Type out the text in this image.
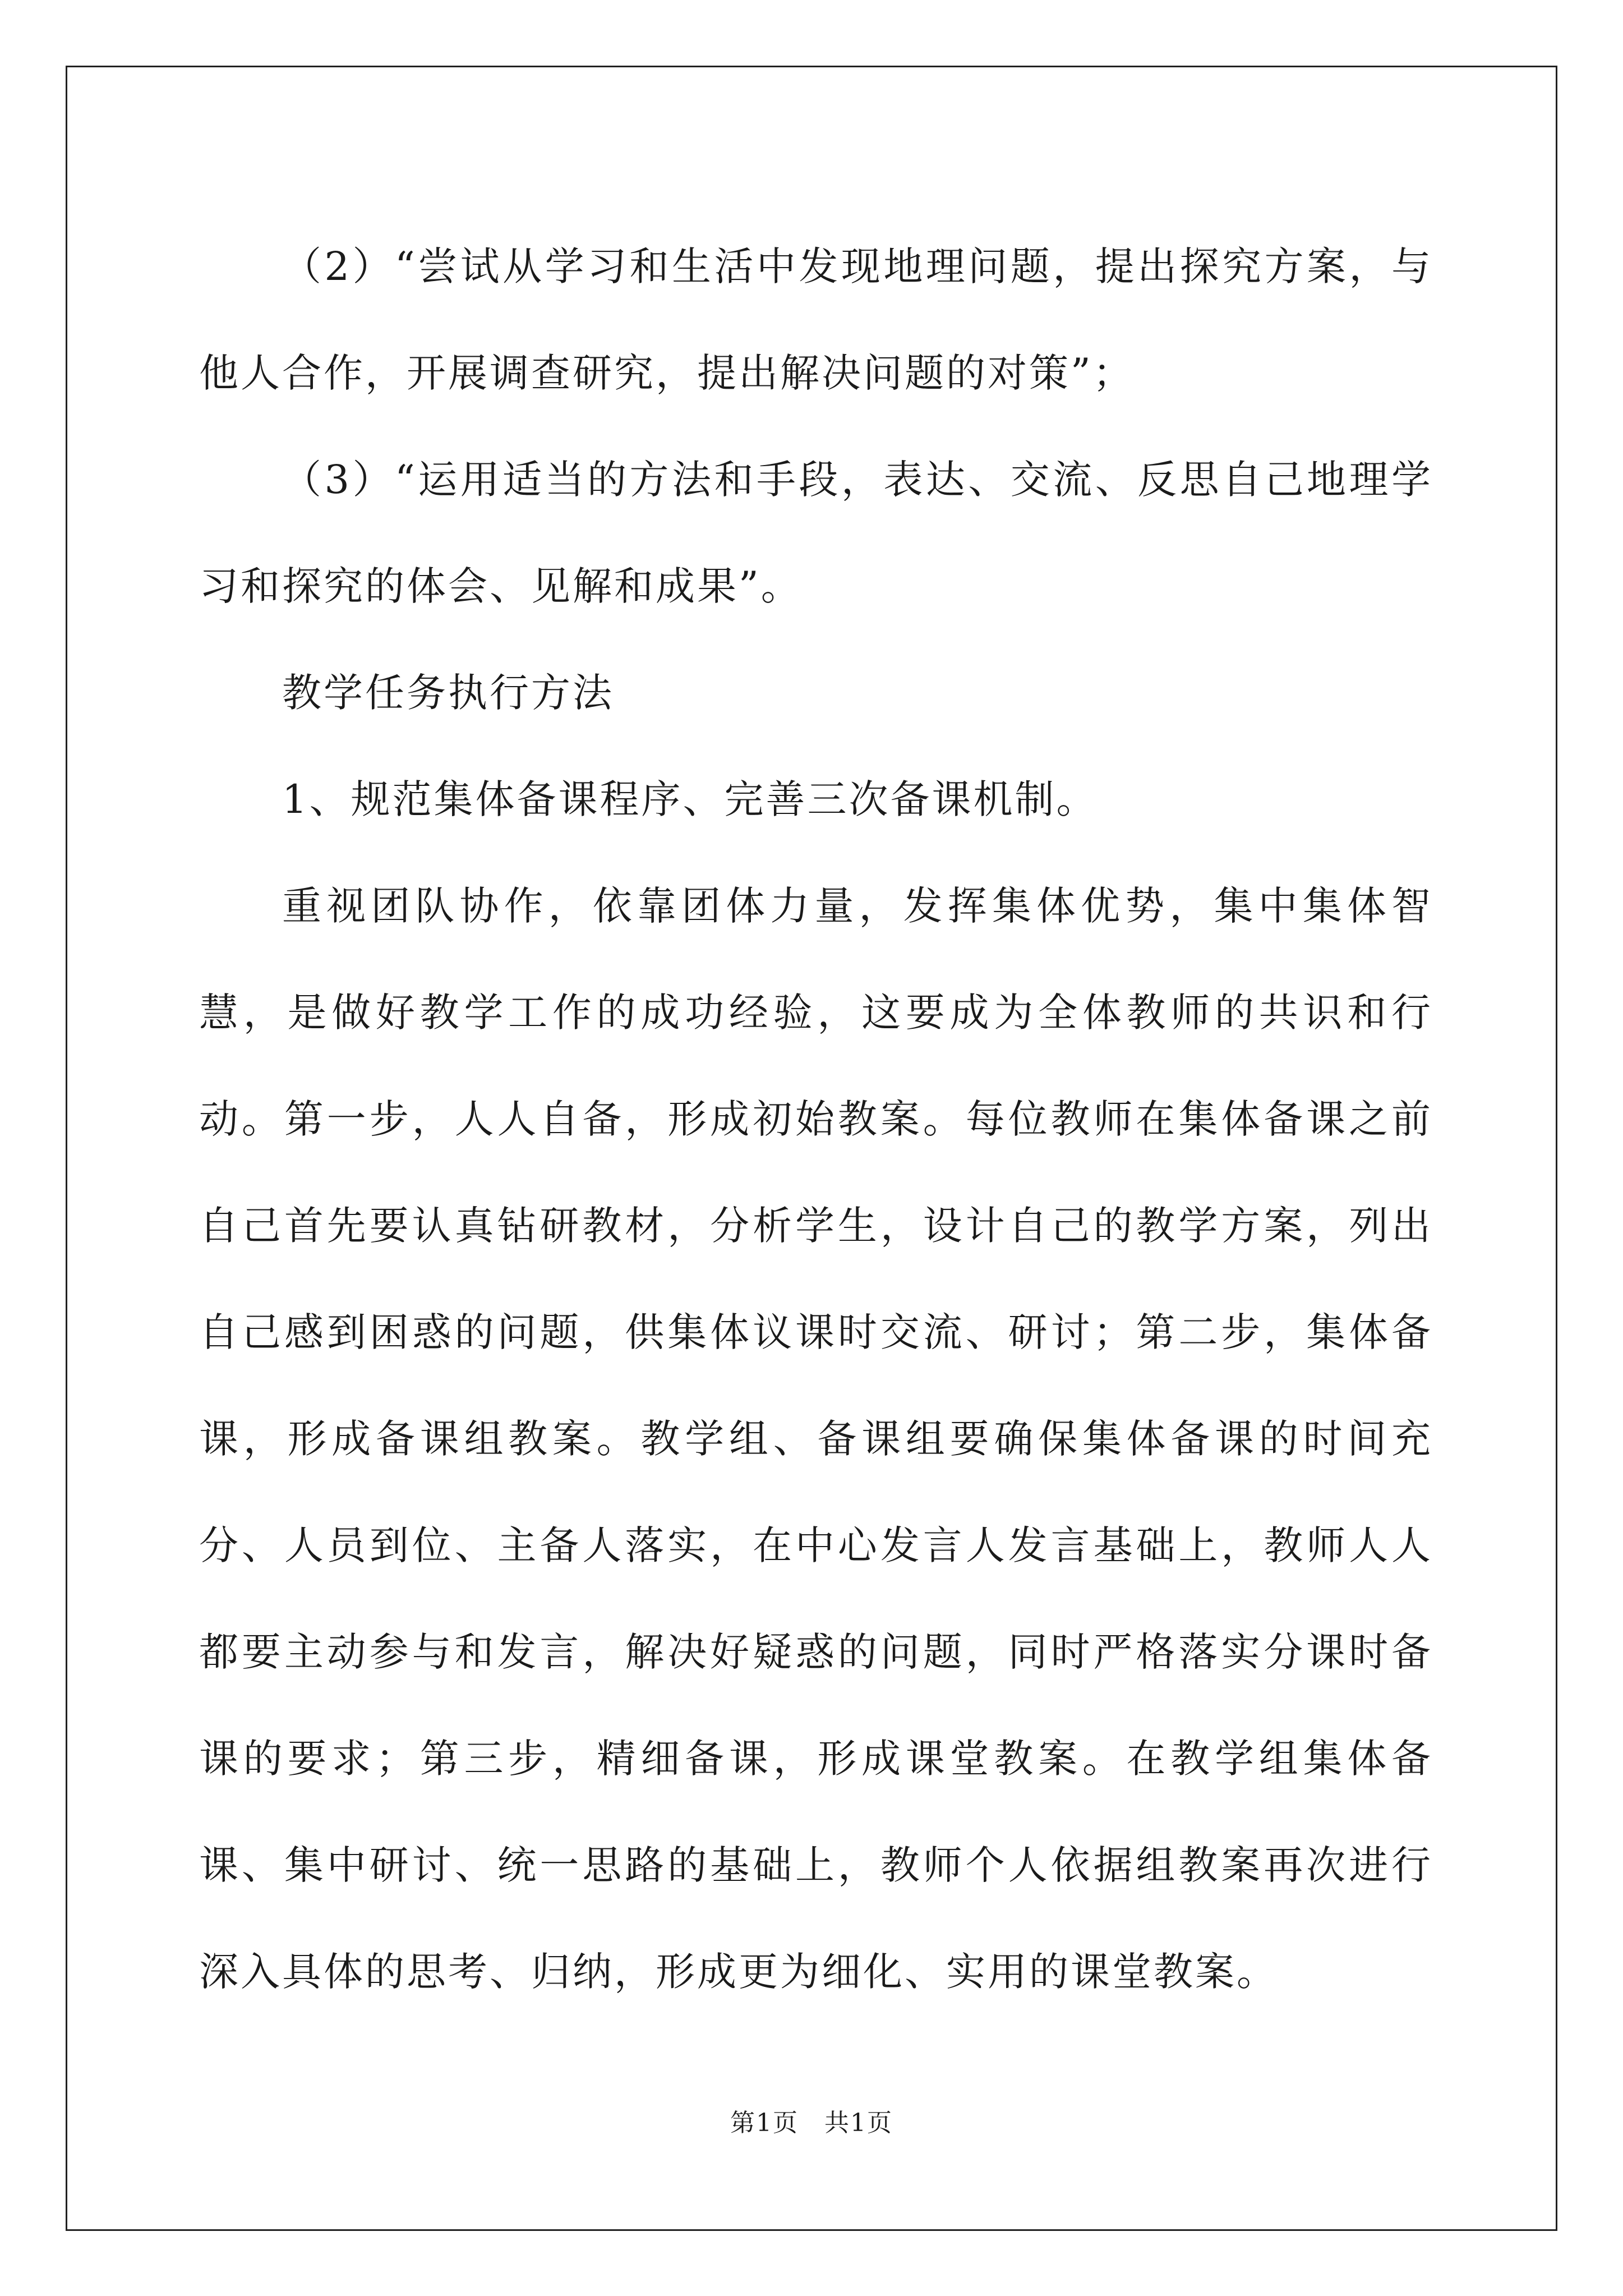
（2）“尝试从学习和生活中发现地理问题，提出探究方案，与他人合作，开展调查研究，提出解决问题的对策”；

（3）“运用适当的方法和手段，表达、交流、反思自己地理学习和探究的体会、见解和成果”。

教学任务执行方法

1、规范集体备课程序、完善三次备课机制。

重视团队协作，依靠团体力量，发挥集体优势，集中集体智慧，是做好教学工作的成功经验，这要成为全体教师的共识和行动。第一步，人人自备，形成初始教案。每位教师在集体备课之前自己首先要认真钻研教材，分析学生，设计自己的教学方案，列出自己感到困惑的问题，供集体议课时交流、研讨；第二步，集体备课，形成备课组教案。教学组、备课组要确保集体备课的时间充分、人员到位、主备人落实，在中心发言人发言基础上，教师人人都要主动参与和发言，解决好疑惑的问题，同时严格落实分课时备课的要求；第三步，精细备课，形成课堂教案。在教学组集体备课、集中研讨、统一思路的基础上，教师个人依据组教案再次进行深入具体的思考、归纳，形成更为细化、实用的课堂教案。

第1页　共1页
